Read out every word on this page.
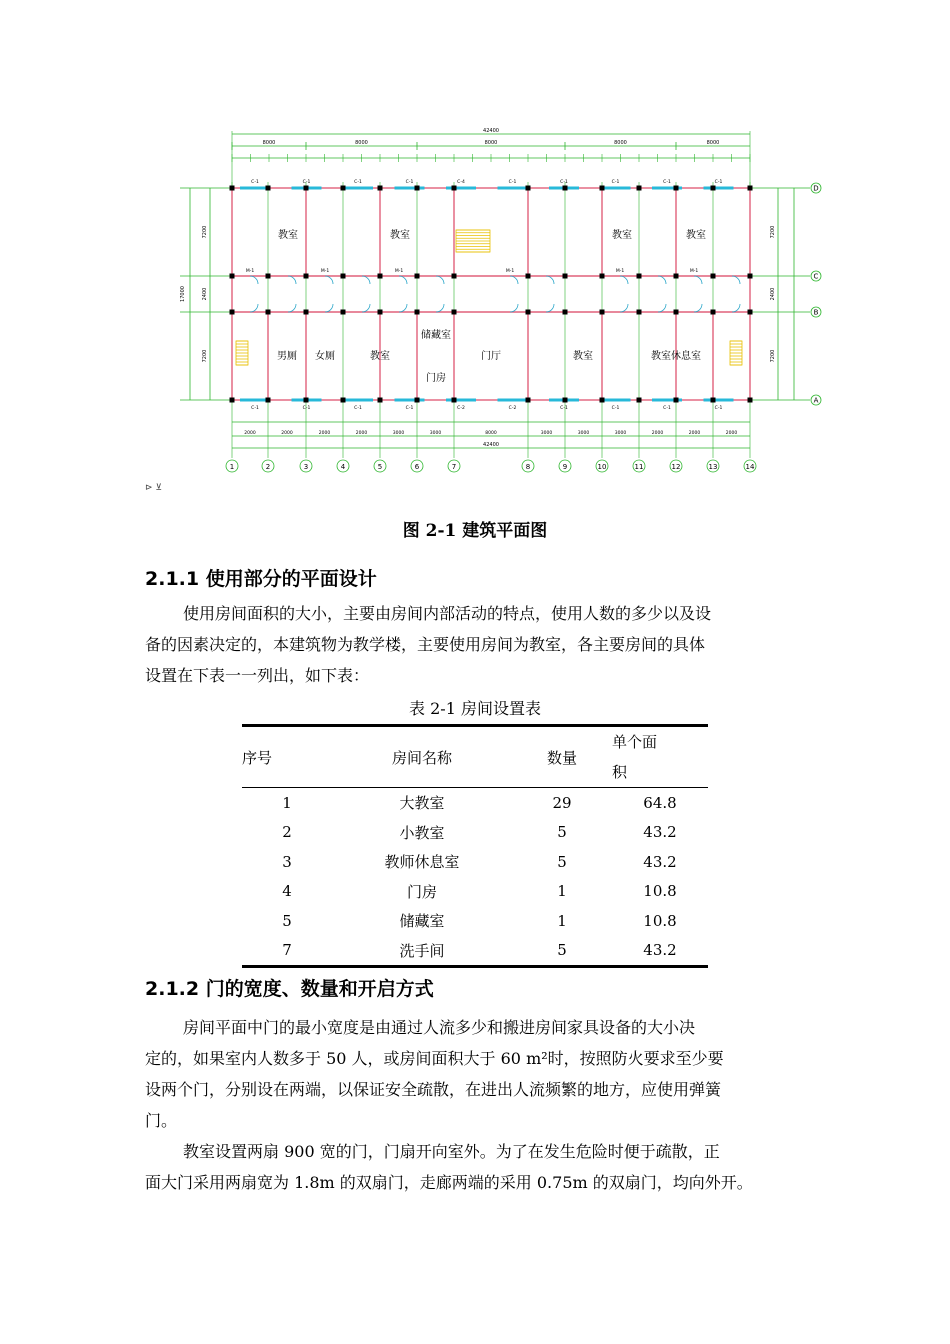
42400
8000	8000	8000	8000	8000
D
C
B
A
1	2	3	4	5	6	7	8	9	10	11	12	13	14
17000
7200	7200
2400	2400
7200	7200
2000	2000	2000	2000	3000	3000	8000	3000	3000	3000	2000	2000	2000
42400
C-1
C-1
C-1
C-1
C-1
C-1
C-1
C-1
C-4
C-2
C-1
C-2
C-1
C-1
C-1
C-1
C-1
C-1
C-1
C-1
M-1	M-1	M-1	M-1	M-1	M-1
教室	教室	教室	教室
男厕 女厕	教室
储藏室
门房
门厅	教室	教室休息室
⊳ ⊻
图 2-1 建筑平面图
2.1.1 使用部分的平面设计
使用房间面积的大小，主要由房间内部活动的特点，使用人数的多少以及设
备的因素决定的，本建筑物为教学楼，主要使用房间为教室，各主要房间的具体
设置在下表一一列出，如下表：
表 2-1 房间设置表
序号	房间名称	数量	单个面
积
1	大教室	29	64.8
2	小教室	5	43.2
3	教师休息室	5	43.2
4	门房	1	10.8
5	储藏室	1	10.8
7	洗手间	5	43.2
2.1.2 门的宽度、数量和开启方式
房间平面中门的最小宽度是由通过人流多少和搬进房间家具设备的大小决
定的，如果室内人数多于 50 人，或房间面积大于 60 m²时，按照防火要求至少要
设两个门，分别设在两端，以保证安全疏散，在进出人流频繁的地方，应使用弹簧
门。
教室设置两扇 900 宽的门，门扇开向室外。为了在发生危险时便于疏散，正
面大门采用两扇宽为 1.8m 的双扇门，走廊两端的采用 0.75m 的双扇门，均向外开。
